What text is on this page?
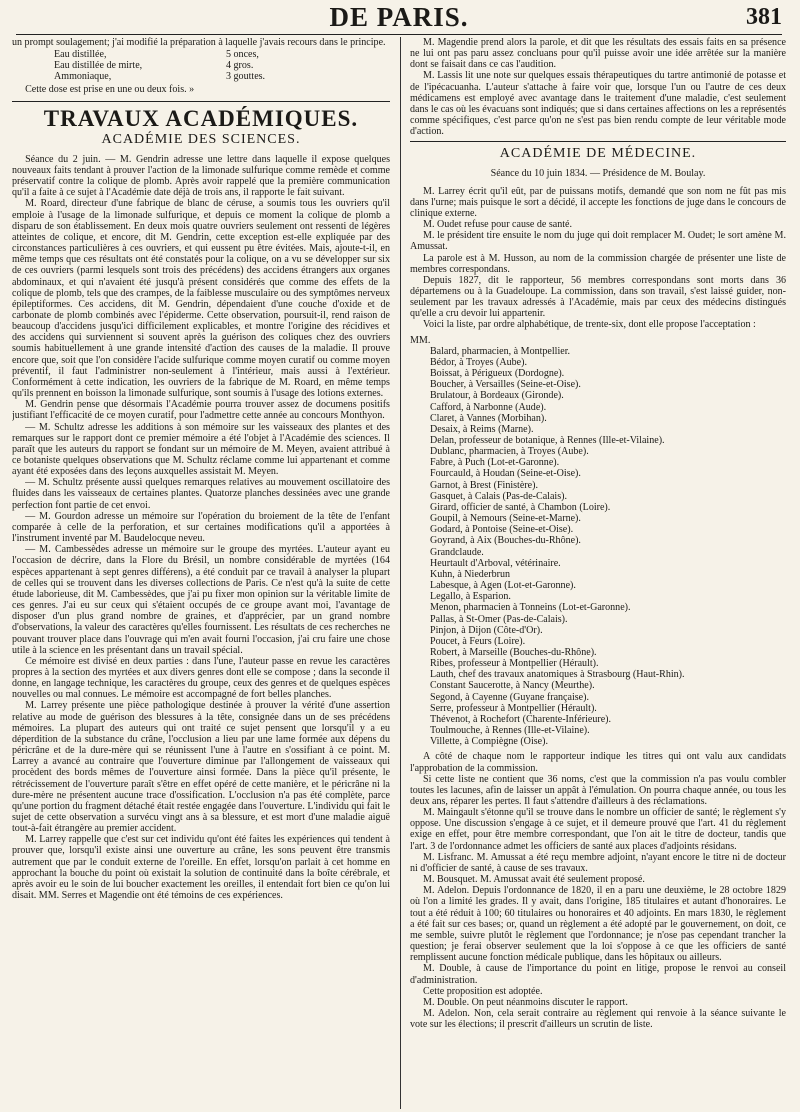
DE PARIS.	381

un prompt soulagement; j'ai modifié la préparation à laquelle j'avais recours dans le principe.

Eau distillée,	5 onces,
Eau distillée de mirte,	4 gros.
Ammoniaque,	3 gouttes.

Cette dose est prise en une ou deux fois. »

TRAVAUX ACADÉMIQUES.
ACADÉMIE DES SCIENCES.

Séance du 2 juin. — M. Gendrin adresse une lettre dans laquelle il expose quelques nouveaux faits tendant à prouver l'action de la limonade sulfurique comme remède et comme préservatif contre la colique de plomb. Après avoir rappelé que la première communication qu'il a faite à ce sujet à l'Académie date déjà de trois ans, il rapporte le fait suivant.

M. Roard, directeur d'une fabrique de blanc de céruse, a soumis tous les ouvriers qu'il emploie à l'usage de la limonade sulfurique, et depuis ce moment la colique de plomb a disparu de son établissement. En deux mois quatre ouvriers seulement ont ressenti de légères atteintes de colique, et encore, dit M. Gendrin, cette exception est-elle expliquée par des circonstances particulières à ces ouvriers, et qui eussent pu être évitées. Mais, ajoute-t-il, en même temps que ces résultats ont été constatés pour la colique, on a vu se développer sur six de ces ouvriers (parmi lesquels sont trois des précédens) des accidens étrangers aux organes abdominaux, et qui n'avaient été jusqu'à présent considérés que comme des effets de la colique de plomb, tels que des crampes, de la faiblesse musculaire ou des symptômes nerveux épileptiformes. Ces accidens, dit M. Gendrin, dépendaient d'une couche d'oxide et de carbonate de plomb combinés avec l'épiderme. Cette observation, poursuit-il, rend raison de beaucoup d'accidens jusqu'ici difficilement explicables, et montre l'origine des récidives et des accidens qui surviennent si souvent après la guérison des coliques chez des ouvriers soumis habituellement à une grande intensité d'action des causes de la maladie. Il prouve encore que, soit que l'on considère l'acide sulfurique comme moyen curatif ou comme moyen préventif, il faut l'administrer non-seulement à l'intérieur, mais aussi à l'extérieur. Conformément à cette indication, les ouvriers de la fabrique de M. Roard, en même temps qu'ils prennent en boisson la limonade sulfurique, sont soumis à l'usage des lotions externes.

M. Gendrin pense que désormais l'Académie pourra trouver assez de documens positifs justifiant l'efficacité de ce moyen curatif, pour l'admettre cette année au concours Monthyon.

— M. Schultz adresse les additions à son mémoire sur les vaisseaux des plantes et des remarques sur le rapport dont ce premier mémoire a été l'objet à l'Académie des sciences. Il paraît que les auteurs du rapport se fondant sur un mémoire de M. Meyen, avaient attribué à ce botaniste quelques observations que M. Schultz réclame comme lui appartenant et comme ayant été exposées dans des leçons auxquelles assistait M. Meyen.

— M. Schultz présente aussi quelques remarques relatives au mouvement oscillatoire des fluides dans les vaisseaux de certaines plantes. Quatorze planches dessinées avec une grande perfection font partie de cet envoi.

— M. Gourdon adresse un mémoire sur l'opération du broiement de la tête de l'enfant comparée à celle de la perforation, et sur certaines modifications qu'il a apportées à l'instrument inventé par M. Baudelocque neveu.

— M. Cambessèdes adresse un mémoire sur le groupe des myrtées. L'auteur ayant eu l'occasion de décrire, dans la Flore du Brésil, un nombre considérable de myrtées (164 espèces appartenant à sept genres différens), a été conduit par ce travail à analyser la plupart de celles qui se trouvent dans les diverses collections de Paris. Ce n'est qu'à la suite de cette étude laborieuse, dit M. Cambessèdes, que j'ai pu fixer mon opinion sur la véritable limite de ces genres. J'ai eu sur ceux qui s'étaient occupés de ce groupe avant moi, l'avantage de disposer d'un plus grand nombre de graines, et d'apprécier, par un grand nombre d'observations, la valeur des caractères qu'elles fournissent. Les résultats de ces recherches ne pouvant trouver place dans l'ouvrage qui m'en avait fourni l'occasion, j'ai cru faire une chose utile à la science en les présentant dans un travail spécial.

Ce mémoire est divisé en deux parties : dans l'une, l'auteur passe en revue les caractères propres à la section des myrtées et aux divers genres dont elle se compose ; dans la seconde il donne, en langage technique, les caractères du groupe, ceux des genres et de quelques espèces nouvelles ou mal connues. Le mémoire est accompagné de fort belles planches.

M. Larrey présente une pièce pathologique destinée à prouver la vérité d'une assertion relative au mode de guérison des blessures à la tête, consignée dans un de ses précédens mémoires. La plupart des auteurs qui ont traité ce sujet pensent que lorsqu'il y a eu déperdition de la substance du crâne, l'occlusion a lieu par une lame formée aux dépens du péricrâne et de la dure-mère qui se réunissent l'une à l'autre en s'ossifiant à ce point. M. Larrey a avancé au contraire que l'ouverture diminue par l'allongement de vaisseaux qui procèdent des bords mêmes de l'ouverture ainsi formée. Dans la pièce qu'il présente, le rétrécissement de l'ouverture paraît s'être en effet opéré de cette manière, et le péricrâne ni la dure-mère ne présentent aucune trace d'ossification. L'occlusion n'a pas été complète, parce qu'une portion du fragment détaché était restée engagée dans l'ouverture. L'individu qui fait le sujet de cette observation a survécu vingt ans à sa blessure, et est mort d'une maladie aiguë tout-à-fait étrangère au premier accident.

M. Larrey rappelle que c'est sur cet individu qu'ont été faites les expériences qui tendent à prouver que, lorsqu'il existe ainsi une ouverture au crâne, les sons peuvent être transmis autrement que par le conduit externe de l'oreille. En effet, lorsqu'on parlait à cet homme en approchant la bouche du point où existait la solution de continuité dans la boîte cérébrale, et après avoir eu le soin de lui boucher exactement les oreilles, il entendait fort bien ce qu'on lui disait. MM. Serres et Magendie ont été témoins de ces expériences.

M. Magendie prend alors la parole, et dit que les résultats des essais faits en sa présence ne lui ont pas paru assez concluans pour qu'il puisse avoir une idée arrêtée sur la manière dont se faisait dans ce cas l'audition.

M. Lassis lit une note sur quelques essais thérapeutiques du tartre antimonié de potasse et de l'ipécacuanha. L'auteur s'attache à faire voir que, lorsque l'un ou l'autre de ces deux médicamens est employé avec avantage dans le traitement d'une maladie, c'est seulement dans le cas où les évacuans sont indiqués; que si dans certaines affections on les a représentés comme spécifiques, c'est parce qu'on ne s'est pas bien rendu compte de leur véritable mode d'action.

ACADÉMIE DE MÉDECINE.
Séance du 10 juin 1834. — Présidence de M. Boulay.

M. Larrey écrit qu'il eût, par de puissans motifs, demandé que son nom ne fût pas mis dans l'urne; mais puisque le sort a décidé, il accepte les fonctions de juge dans le concours de clinique externe.

M. Oudet refuse pour cause de santé.

M. le président tire ensuite le nom du juge qui doit remplacer M. Oudet; le sort amène M. Amussat.

La parole est à M. Husson, au nom de la commission chargée de présenter une liste de membres correspondans.

Depuis 1827, dit le rapporteur, 56 membres correspondans sont morts dans 36 départemens ou à la Guadeloupe. La commission, dans son travail, s'est laissé guider, non-seulement par les travaux adressés à l'Académie, mais par ceux des médecins distingués qu'elle a cru devoir lui appartenir.

Voici la liste, par ordre alphabétique, de trente-six, dont elle propose l'acceptation :

MM.
Balard, pharmacien, à Montpellier.
Bédor, à Troyes (Aube).
Boissat, à Périgueux (Dordogne).
Boucher, à Versailles (Seine-et-Oise).
Brulatour, à Bordeaux (Gironde).
Cafford, à Narbonne (Aude).
Claret, à Vannes (Morbihan).
Desaix, à Reims (Marne).
Delan, professeur de botanique, à Rennes (Ille-et-Vilaine).
Dublanc, pharmacien, à Troyes (Aube).
Fabre, à Puch (Lot-et-Garonne).
Fourcauld, à Houdan (Seine-et-Oise).
Garnot, à Brest (Finistère).
Gasquet, à Calais (Pas-de-Calais).
Girard, officier de santé, à Chambon (Loire).
Goupil, à Nemours (Seine-et-Marne).
Godard, à Pontoise (Seine-et-Oise).
Goyrand, à Aix (Bouches-du-Rhône).
Grandclaude.
Heurtault d'Arboval, vétérinaire.
Kuhn, à Niederbrun
Labesque, à Agen (Lot-et-Garonne).
Legallo, à Esparion.
Menon, pharmacien à Tonneins (Lot-et-Garonne).
Pallas, à St-Omer (Pas-de-Calais).
Pinjon, à Dijon (Côte-d'Or).
Poucet, à Feurs (Loire).
Robert, à Marseille (Bouches-du-Rhône).
Ribes, professeur à Montpellier (Hérault).
Lauth, chef des travaux anatomiques à Strasbourg (Haut-Rhin).
Constant Saucerotte, à Nancy (Meurthe).
Segond, à Cayenne (Guyane française).
Serre, professeur à Montpellier (Hérault).
Thévenot, à Rochefort (Charente-Inférieure).
Toulmouche, à Rennes (Ille-et-Vilaine).
Villette, à Compiègne (Oise).

A côté de chaque nom le rapporteur indique les titres qui ont valu aux candidats l'approbation de la commission.

Si cette liste ne contient que 36 noms, c'est que la commission n'a pas voulu combler toutes les lacunes, afin de laisser un appât à l'émulation. On pourra chaque année, ou tous les deux ans, réparer les pertes. Il faut s'attendre d'ailleurs à des réclamations.

M. Maingault s'étonne qu'il se trouve dans le nombre un officier de santé; le règlement s'y oppose. Une discussion s'engage à ce sujet, et il demeure prouvé que l'art. 41 du règlement exige en effet, pour être membre correspondant, que l'on ait le titre de docteur, tandis que l'art. 3 de l'ordonnance admet les officiers de santé aux places d'adjoints résidans.

M. Lisfranc. M. Amussat a été reçu membre adjoint, n'ayant encore le titre ni de docteur ni d'officier de santé, à cause de ses travaux.

M. Bousquet. M. Amussat avait été seulement proposé.

M. Adelon. Depuis l'ordonnance de 1820, il en a paru une deuxième, le 28 octobre 1829 où l'on a limité les grades. Il y avait, dans l'origine, 185 titulaires et autant d'honoraires. Le tout a été réduit à 100; 60 titulaires ou honoraires et 40 adjoints. En mars 1830, le règlement a été fait sur ces bases; or, quand un règlement a été adopté par le gouvernement, on doit, ce me semble, suivre plutôt le règlement que l'ordonnance; je n'ose pas cependant trancher la question; je ferai observer seulement que la loi s'oppose à ce que les officiers de santé remplissent aucune fonction médicale publique, dans les hôpitaux ou ailleurs.

M. Double, à cause de l'importance du point en litige, propose le renvoi au conseil d'administration.

Cette proposition est adoptée.

M. Double. On peut néanmoins discuter le rapport.

M. Adelon. Non, cela serait contraire au règlement qui renvoie à la séance suivante le vote sur les élections; il prescrit d'ailleurs un scrutin de liste.
